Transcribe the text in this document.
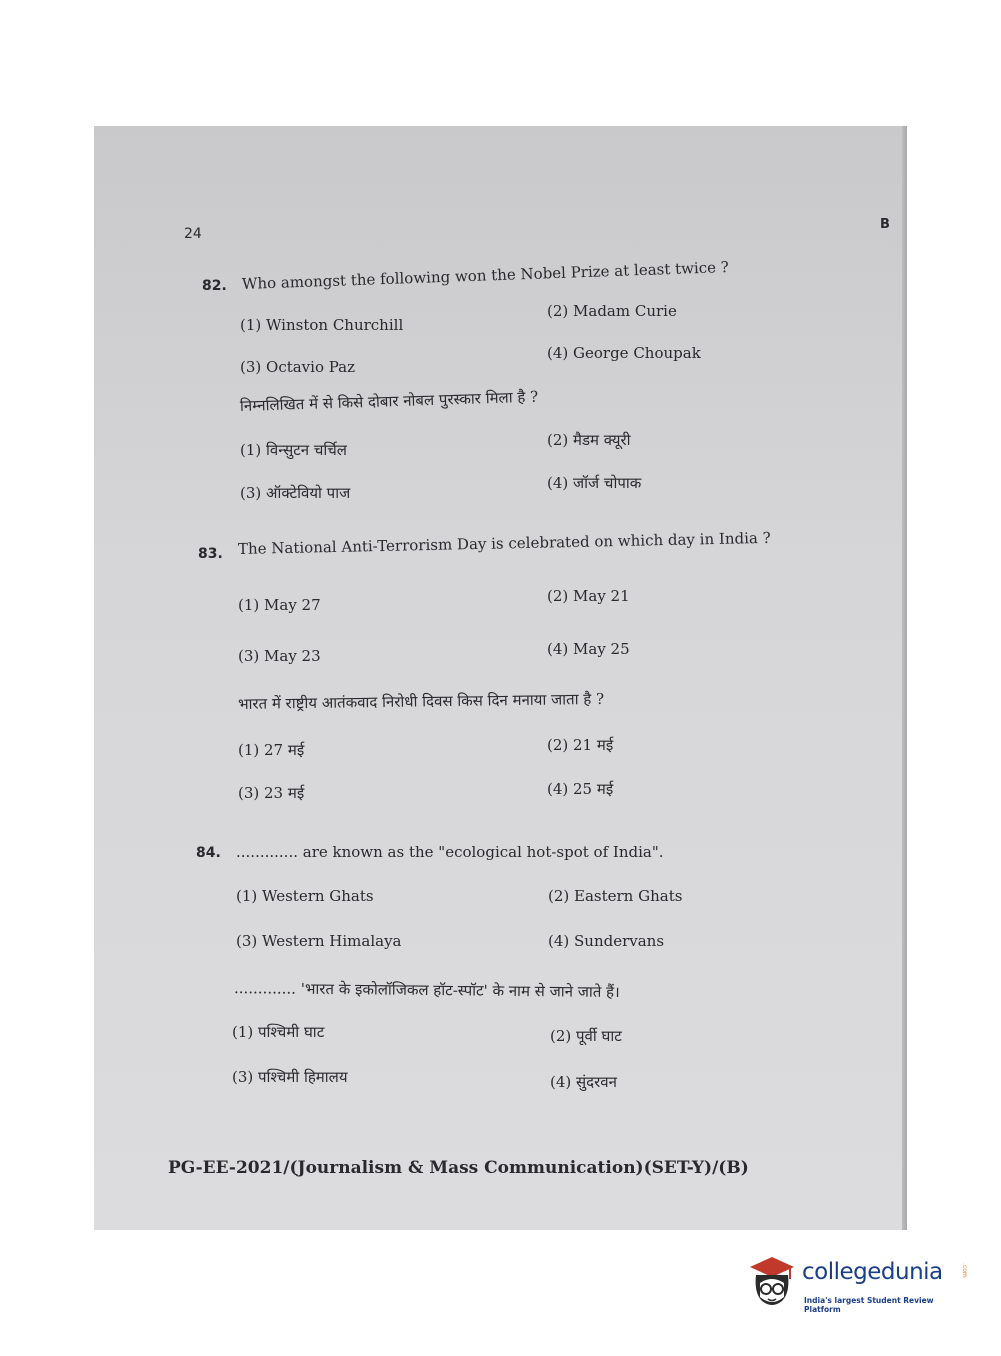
24
B
82. Who amongst the following won the Nobel Prize at least twice ?
(1) Winston Churchill
(2) Madam Curie
(3) Octavio Paz
(4) George Choupak
निम्नलिखित में से किसे दोबार नोबल पुरस्कार मिला है ?
(1) विन्सुटन चर्चिल
(2) मैडम क्यूरी
(3) ऑक्टेवियो पाज
(4) जॉर्ज चोपाक
83. The National Anti-Terrorism Day is celebrated on which day in India ?
(1) May 27	(2) May 21
(3) May 23	(4) May 25
भारत में राष्ट्रीय आतंकवाद निरोधी दिवस किस दिन मनाया जाता है ?
(1) 27 मई	(2) 21 मई
(3) 23 मई	(4) 25 मई
84. ............. are known as the "ecological hot-spot of India".
(1) Western Ghats	(2) Eastern Ghats
(3) Western Himalaya	(4) Sundervans
............. 'भारत के इकोलॉजिकल हॉट-स्पॉट' के नाम से जाने जाते हैं।
(1) पश्चिमी घाट	(2) पूर्वी घाट
(3) पश्चिमी हिमालय	(4) सुंदरवन
PG-EE-2021/(Journalism & Mass Communication)(SET-Y)/(B)
collegedunia	.com
India's largest Student Review Platform
